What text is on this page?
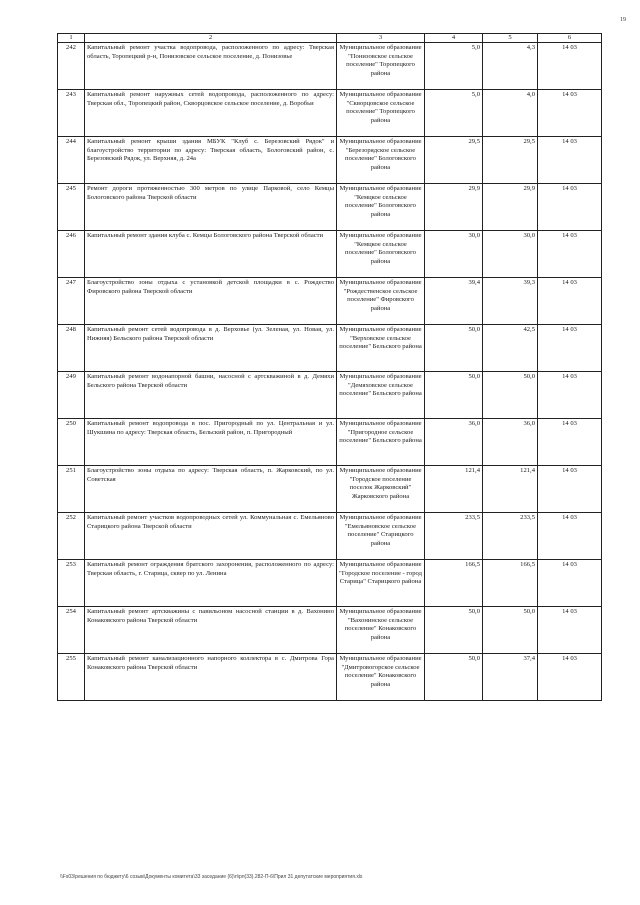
19
1	2	3	4	5	6
242	Капитальный ремонт участка водопровода, расположенного по адресу: Тверская область, Торопецкий р-н, Понизовское сельское поселение, д. Понизовье	Муниципальное образование "Понизовское сельское поселение" Торопецкого района	5,0	4,3	14 03
243	Капитальный ремонт наружных сетей водопровода, расположенного по адресу: Тверская обл., Торопецкий район, Скворцовское сельское поселение, д. Воробьи	Муниципальное образование "Скворцовское сельское поселение" Торопецкого района	5,0	4,0	14 03
244	Капитальный ремонт крыши здания МБУК "Клуб с. Березовский Рядок" и благоустройство территории по адресу: Тверская область, Бологовский район, с. Березовский Рядок, ул. Верхняя, д. 24а	Муниципальное образование "Березорядское сельское поселение" Бологовского района	29,5	29,5	14 03
245	Ремонт дороги протяженностью 300 метров по улице Парковой, село Кемцы Бологовского района Тверской области	Муниципальное образование "Кемцкое сельское поселение" Бологовского района	29,9	29,9	14 03
246	Капитальный ремонт здания клуба с. Кемцы Бологовского района Тверской области	Муниципальное образование "Кемцкое сельское поселение" Бологовского района	30,0	30,0	14 03
247	Благоустройство зоны отдыха с установкой детской площадки в с. Рождество Фировского района Тверской области	Муниципальное образование "Рождественское сельское поселение" Фировского района	39,4	39,3	14 03
248	Капитальный ремонт сетей водопровода в д. Верховье (ул. Зеленая, ул. Новая, ул. Нижняя) Бельского района Тверской области	Муниципальное образование "Верховское сельское поселение" Бельского района	50,0	42,5	14 03
249	Капитальный ремонт водонапорной башни, насосной с артскважиной в д. Демяхи Бельского района Тверской области	Муниципальное образование "Демяховское сельское поселение" Бельского района	50,0	50,0	14 03
250	Капитальный ремонт водопровода в пос. Пригородный по ул. Центральная и ул. Шукшина по адресу: Тверская область, Бельский район, п. Пригородный	Муниципальное образование "Пригородное сельское поселение" Бельского района	36,0	36,0	14 03
251	Благоустройство зоны отдыха по адресу: Тверская область, п. Жарковский, по ул. Советская	Муниципальное образование "Городское поселение поселок Жарковский" Жарковского района	121,4	121,4	14 03
252	Капитальный ремонт участков водопроводных сетей ул. Коммунальная с. Емельяново Старицкого района Тверской области	Муниципальное образование "Емельяновское сельское поселение" Старицкого района	233,5	233,5	14 03
253	Капитальный ремонт ограждения братского захоронения, расположенного по адресу: Тверская область, г. Старица, сквер по ул. Ленина	Муниципальное образование "Городское поселение - город Старица" Старицкого района	166,5	166,5	14 03
254	Капитальный ремонт артскважины с павильоном насосной станции в д. Вахонино Конаковского района Тверской области	Муниципальное образование "Вахонинское сельское поселение" Конаковского района	50,0	50,0	14 03
255	Капитальный ремонт канализационного напорного коллектора в с. Дмитрова Гора Конаковского района Тверской области	Муниципальное образование "Дмитровогорское сельское поселение" Конаковского района	50,0	37,4	14 03
\\Fs03\решения по бюджету\6 созыв\Документы комитета\33 заседание (6)\п\рп(33).282-П-6\Прил 31 депутатские мероприятия.xls
